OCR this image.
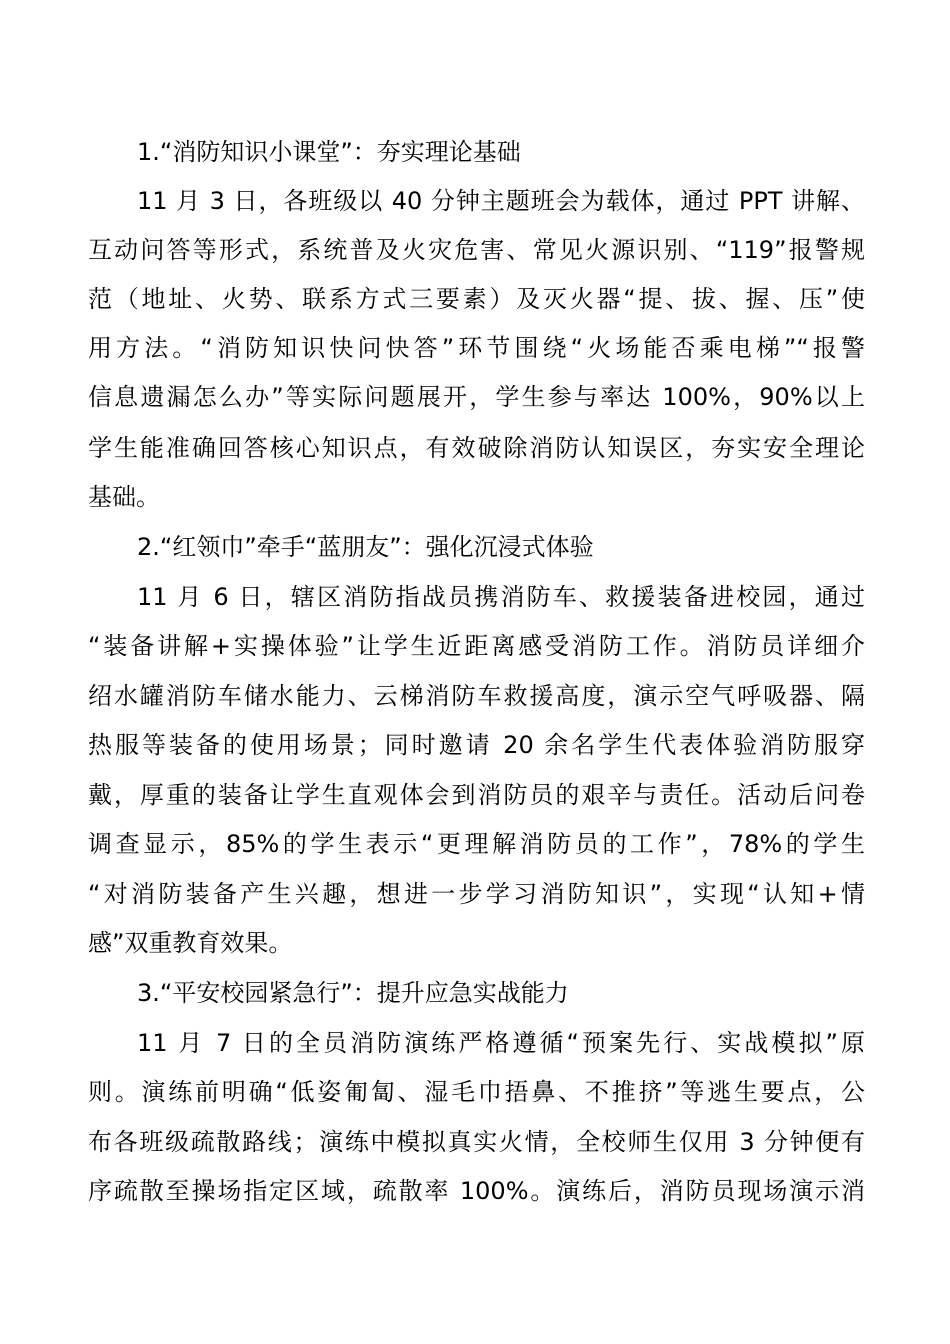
1.“消防知识小课堂”：夯实理论基础
11 月 3 日，各班级以 40 分钟主题班会为载体，通过 PPT 讲解、
互动问答等形式，系统普及火灾危害、常见火源识别、“119”报警规
范（地址、火势、联系方式三要素）及灭火器“提、拔、握、压”使
用方法。“消防知识快问快答”环节围绕“火场能否乘电梯”“报警
信息遗漏怎么办”等实际问题展开，学生参与率达 100%，90%以上
学生能准确回答核心知识点，有效破除消防认知误区，夯实安全理论
基础。
2.“红领巾”牵手“蓝朋友”：强化沉浸式体验
11 月 6 日，辖区消防指战员携消防车、救援装备进校园，通过
“装备讲解+实操体验”让学生近距离感受消防工作。消防员详细介
绍水罐消防车储水能力、云梯消防车救援高度，演示空气呼吸器、隔
热服等装备的使用场景；同时邀请 20 余名学生代表体验消防服穿
戴，厚重的装备让学生直观体会到消防员的艰辛与责任。活动后问卷
调查显示，85%的学生表示“更理解消防员的工作”，78%的学生
“对消防装备产生兴趣，想进一步学习消防知识”，实现“认知+情
感”双重教育效果。
3.“平安校园紧急行”：提升应急实战能力
11 月 7 日的全员消防演练严格遵循“预案先行、实战模拟”原
则。演练前明确“低姿匍匐、湿毛巾捂鼻、不推挤”等逃生要点，公
布各班级疏散路线；演练中模拟真实火情，全校师生仅用 3 分钟便有
序疏散至操场指定区域，疏散率 100%。演练后，消防员现场演示消
